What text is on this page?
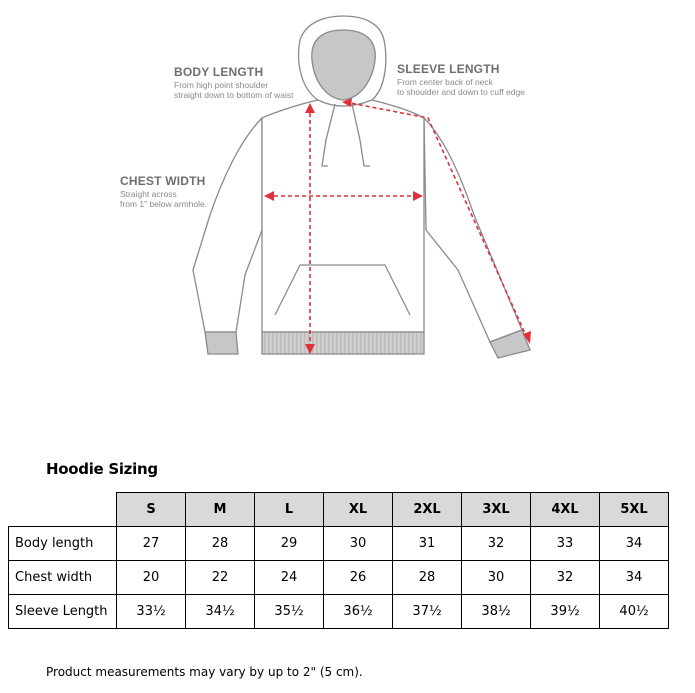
BODY LENGTH
From high point shoulder
straight down to bottom of waist
SLEEVE LENGTH
From center back of neck
to shoulder and down to cuff edge
CHEST WIDTH
Straight across
from 1" below armhole.
Hoodie Sizing
	S	M	L	XL	2XL	3XL	4XL	5XL
Body length	27	28	29	30	31	32	33	34
Chest width	20	22	24	26	28	30	32	34
Sleeve Length	33½	34½	35½	36½	37½	38½	39½	40½
Product measurements may vary by up to 2" (5 cm).
